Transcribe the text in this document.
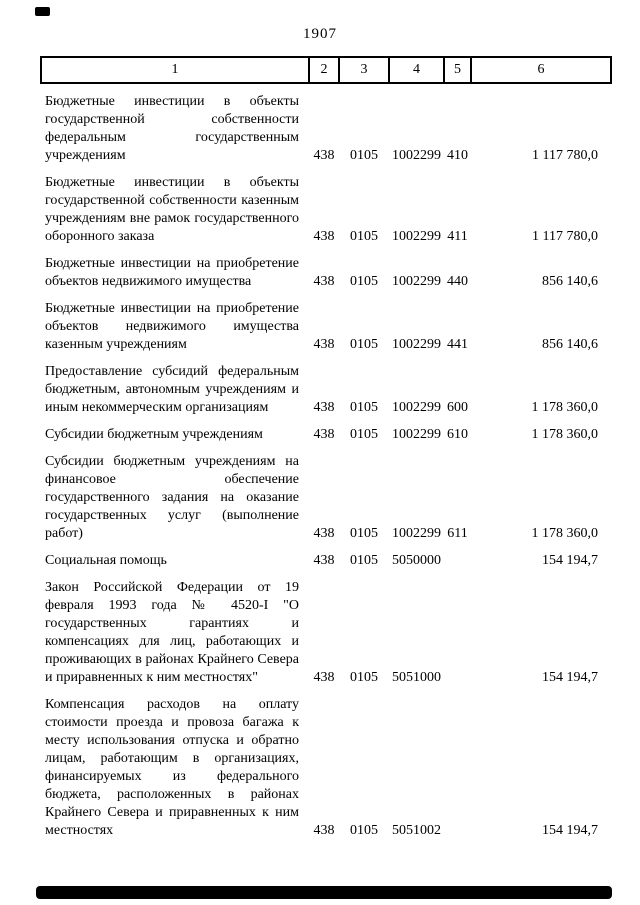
1907
1	2	3	4	5	6
Бюджетные инвестиции в объекты государственной собственности федеральным государственным учреждениям	438	0105	1002299	410	1 117 780,0
Бюджетные инвестиции в объекты государственной собственности казенным учреждениям вне рамок государственного оборонного заказа	438	0105	1002299	411	1 117 780,0
Бюджетные инвестиции на приобретение объектов недвижимого имущества	438	0105	1002299	440	856 140,6
Бюджетные инвестиции на приобретение объектов недвижимого имущества казенным учреждениям	438	0105	1002299	441	856 140,6
Предоставление субсидий федеральным бюджетным, автономным учреждениям и иным некоммерческим организациям	438	0105	1002299	600	1 178 360,0
Субсидии бюджетным учреждениям	438	0105	1002299	610	1 178 360,0
Субсидии бюджетным учреждениям на финансовое обеспечение государственного задания на оказание государственных услуг (выполнение работ)	438	0105	1002299	611	1 178 360,0
Социальная помощь	438	0105	5050000		154 194,7
Закон Российской Федерации от 19 февраля 1993 года № 4520-I "О государственных гарантиях и компенсациях для лиц, работающих и проживающих в районах Крайнего Севера и приравненных к ним местностях"	438	0105	5051000		154 194,7
Компенсация расходов на оплату стоимости проезда и провоза багажа к месту использования отпуска и обратно лицам, работающим в организациях, финансируемых из федерального бюджета, расположенных в районах Крайнего Севера и приравненных к ним местностях	438	0105	5051002		154 194,7
